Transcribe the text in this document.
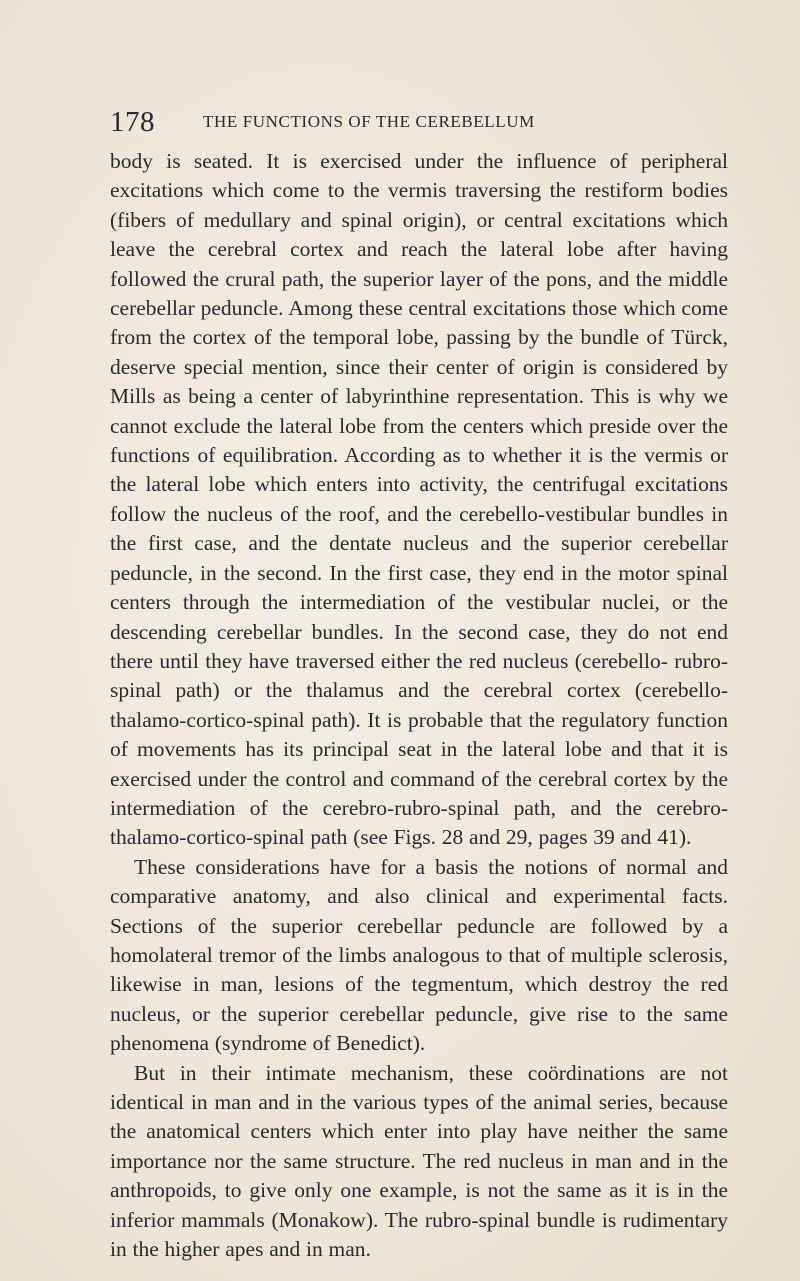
178	THE FUNCTIONS OF THE CEREBELLUM

body is seated. It is exercised under the influence of peripheral excitations which come to the vermis traversing the restiform bodies (fibers of medullary and spinal origin), or central excitations which leave the cerebral cortex and reach the lateral lobe after having followed the crural path, the superior layer of the pons, and the middle cerebellar peduncle. Among these central excitations those which come from the cortex of the temporal lobe, passing by the bundle of Türck, deserve special mention, since their center of origin is considered by Mills as being a center of labyrinthine representation. This is why we cannot exclude the lateral lobe from the centers which preside over the functions of equilibration. According as to whether it is the vermis or the lateral lobe which enters into activity, the centrifugal excitations follow the nucleus of the roof, and the cerebello-vestibular bundles in the first case, and the dentate nucleus and the superior cerebellar peduncle, in the second. In the first case, they end in the motor spinal centers through the intermediation of the vestibular nuclei, or the descending cerebellar bundles. In the second case, they do not end there until they have traversed either the red nucleus (cerebello- rubro-spinal path) or the thalamus and the cerebral cortex (cerebello-thalamo-cortico-spinal path). It is probable that the regulatory function of movements has its principal seat in the lateral lobe and that it is exercised under the control and command of the cerebral cortex by the intermediation of the cerebro-rubro-spinal path, and the cerebro-thalamo-cortico-spinal path (see Figs. 28 and 29, pages 39 and 41).

These considerations have for a basis the notions of normal and comparative anatomy, and also clinical and experimental facts. Sections of the superior cerebellar peduncle are followed by a homolateral tremor of the limbs analogous to that of multiple sclerosis, likewise in man, lesions of the tegmentum, which destroy the red nucleus, or the superior cerebellar peduncle, give rise to the same phenomena (syndrome of Benedict).

But in their intimate mechanism, these coördinations are not identical in man and in the various types of the animal series, because the anatomical centers which enter into play have neither the same importance nor the same structure. The red nucleus in man and in the anthropoids, to give only one example, is not the same as it is in the inferior mammals (Monakow). The rubro-spinal bundle is rudimentary in the higher apes and in man.
